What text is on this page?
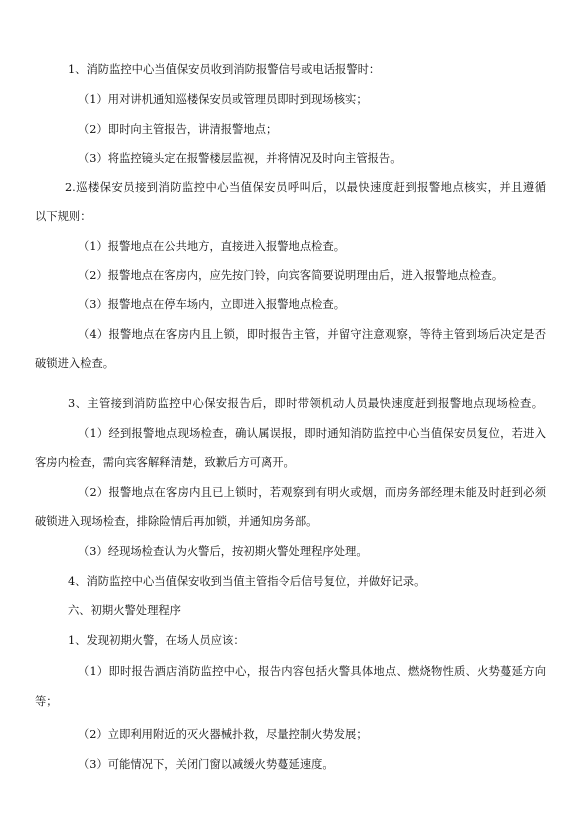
1、消防监控中心当值保安员收到消防报警信号或电话报警时：
（1）用对讲机通知巡楼保安员或管理员即时到现场核实；
（2）即时向主管报告，讲清报警地点；
（3）将监控镜头定在报警楼层监视，并将情况及时向主管报告。
2.巡楼保安员接到消防监控中心当值保安员呼叫后，以最快速度赶到报警地点核实，并且遵循
以下规则：
（1）报警地点在公共地方，直接进入报警地点检查。
（2）报警地点在客房内，应先按门铃，向宾客简要说明理由后，进入报警地点检查。
（3）报警地点在停车场内，立即进入报警地点检查。
（4）报警地点在客房内且上锁，即时报告主管，并留守注意观察，等待主管到场后决定是否
破锁进入检查。
3、主管接到消防监控中心保安报告后，即时带领机动人员最快速度赶到报警地点现场检查。
（1）经到报警地点现场检查，确认属误报，即时通知消防监控中心当值保安员复位，若进入
客房内检查，需向宾客解释清楚，致歉后方可离开。
（2）报警地点在客房内且已上锁时，若观察到有明火或烟，而房务部经理未能及时赶到必须
破锁进入现场检查，排除险情后再加锁，并通知房务部。
（3）经现场检查认为火警后，按初期火警处理程序处理。
4、消防监控中心当值保安收到当值主管指令后信号复位，并做好记录。
六、初期火警处理程序
1、发现初期火警，在场人员应该：
（1）即时报告酒店消防监控中心，报告内容包括火警具体地点、燃烧物性质、火势蔓延方向
等；
（2）立即利用附近的灭火器械扑救，尽量控制火势发展；
（3）可能情况下，关闭门窗以减缓火势蔓延速度。
